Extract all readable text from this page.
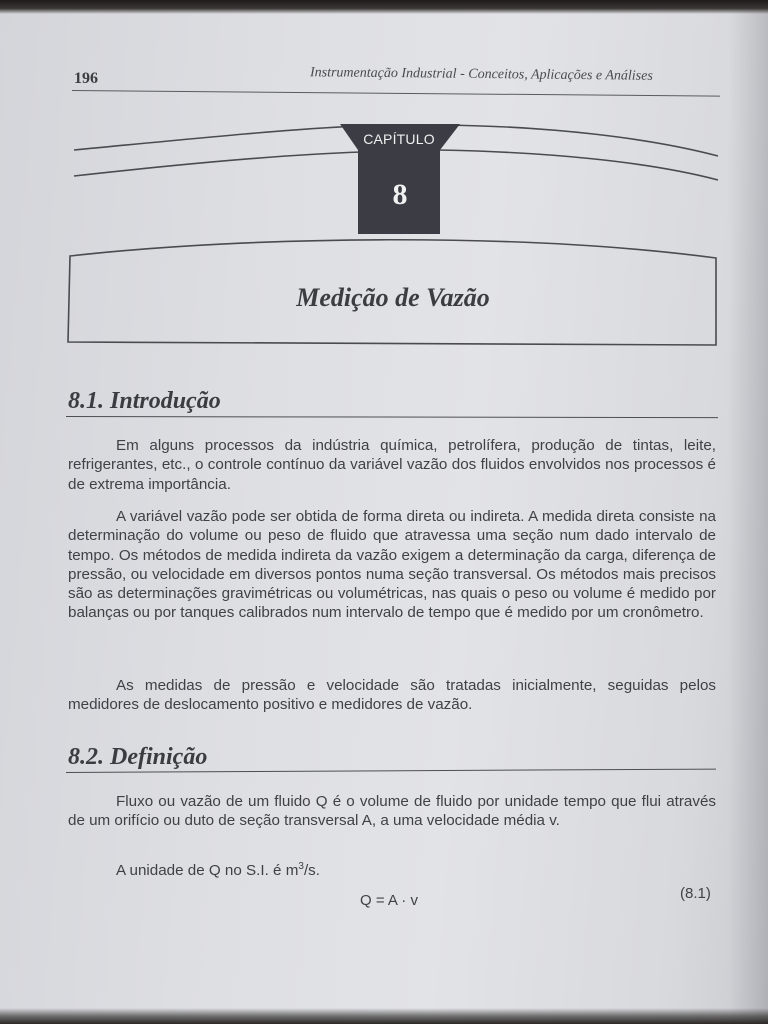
196	Instrumentação Industrial - Conceitos, Aplicações e Análises
CAPÍTULO
8
Medição de Vazão
8.1. Introdução

Em alguns processos da indústria química, petrolífera, produção de tintas, leite, refrigerantes, etc., o controle contínuo da variável vazão dos fluidos envolvidos nos processos é de extrema importância.

A variável vazão pode ser obtida de forma direta ou indireta. A medida direta consiste na determinação do volume ou peso de fluido que atravessa uma seção num dado intervalo de tempo. Os métodos de medida indireta da vazão exigem a determinação da carga, diferença de pressão, ou velocidade em diversos pontos numa seção transversal. Os métodos mais precisos são as determinações gravimétricas ou volumétricas, nas quais o peso ou volume é medido por balanças ou por tanques calibrados num intervalo de tempo que é medido por um cronômetro.

As medidas de pressão e velocidade são tratadas inicialmente, seguidas pelos medidores de deslocamento positivo e medidores de vazão.

8.2. Definição

Fluxo ou vazão de um fluido Q é o volume de fluido por unidade tempo que flui através de um orifício ou duto de seção transversal A, a uma velocidade média v.

A unidade de Q no S.I. é $m^3/s$.

Q = A · v	(8.1)
